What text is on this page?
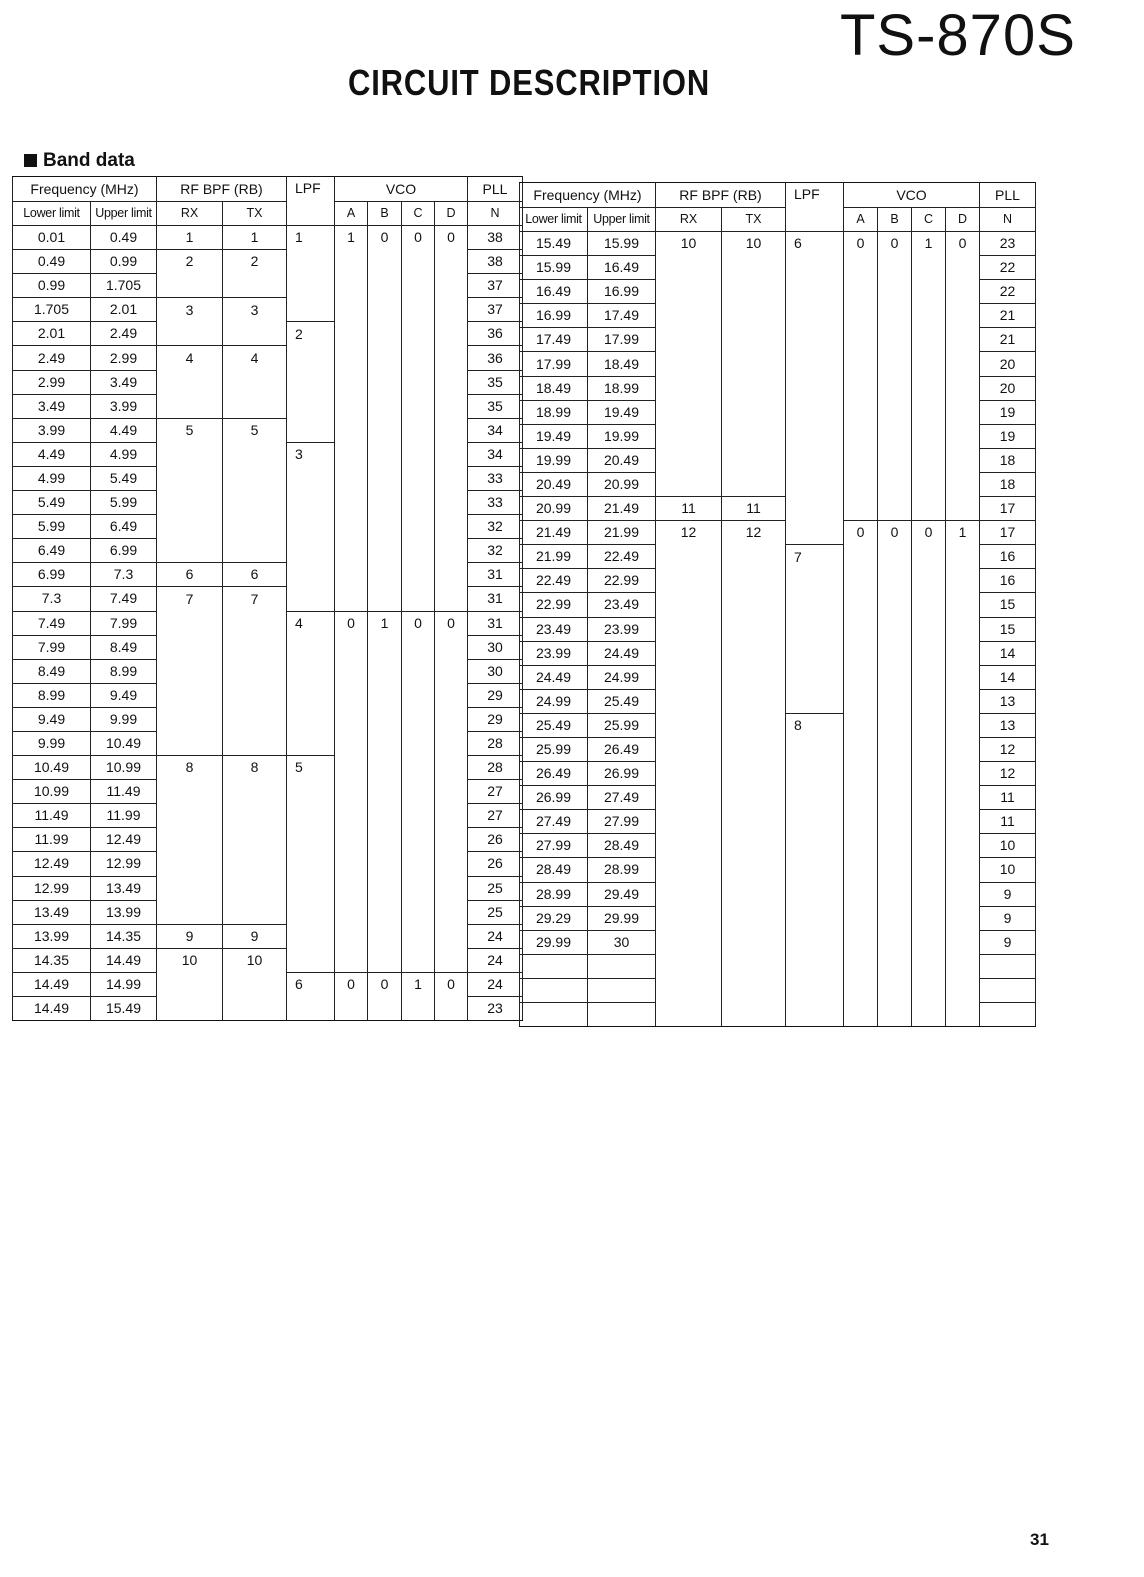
TS-870S
CIRCUIT DESCRIPTION
Band data
Frequency (MHz)		RF BPF (RB)		LPF	VCO				PLL
Lower limit	Upper limit	RX	TX		A	B	C	D	N
0.01	0.49	1	1	1	1	0	0	0	38
0.49	0.99	2	2						38
0.99	1.705								37
1.705	2.01	3	3						37
2.01	2.49			2					36
2.49	2.99	4	4						36
2.99	3.49								35
3.49	3.99								35
3.99	4.49	5	5						34
4.49	4.99			3					34
4.99	5.49								33
5.49	5.99								33
5.99	6.49								32
6.49	6.99								32
6.99	7.3	6	6						31
7.3	7.49	7	7						31
7.49	7.99			4	0	1	0	0	31
7.99	8.49								30
8.49	8.99								30
8.99	9.49								29
9.49	9.99								29
9.99	10.49								28
10.49	10.99	8	8	5					28
10.99	11.49								27
11.49	11.99								27
11.99	12.49								26
12.49	12.99								26
12.99	13.49								25
13.49	13.99								25
13.99	14.35	9	9						24
14.35	14.49	10	10						24
14.49	14.99			6	0	0	1	0	24
14.49	15.49								23
Frequency (MHz)		RF BPF (RB)		LPF	VCO				PLL
Lower limit	Upper limit	RX	TX		A	B	C	D	N
15.49	15.99	10	10	6	0	0	1	0	23
15.99	16.49								22
16.49	16.99								22
16.99	17.49								21
17.49	17.99								21
17.99	18.49								20
18.49	18.99								20
18.99	19.49								19
19.49	19.99								19
19.99	20.49								18
20.49	20.99								18
20.99	21.49	11	11						17
21.49	21.99	12	12		0	0	0	1	17
21.99	22.49			7					16
22.49	22.99								16
22.99	23.49								15
23.49	23.99								15
23.99	24.49								14
24.49	24.99								14
24.99	25.49								13
25.49	25.99			8					13
25.99	26.49								12
26.49	26.99								12
26.99	27.49								11
27.49	27.99								11
27.99	28.49								10
28.49	28.99								10
28.99	29.49								9
29.29	29.99								9
29.99	30								9

31
